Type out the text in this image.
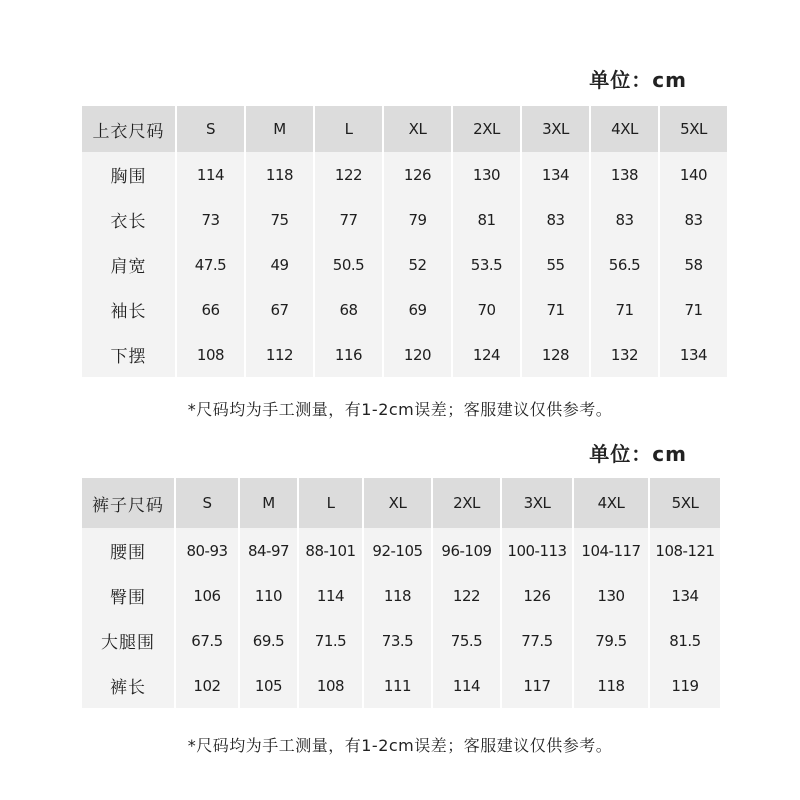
单位：cm
上衣尺码	S	M	L	XL	2XL	3XL	4XL	5XL
胸围	114	118	122	126	130	134	138	140
衣长	73	75	77	79	81	83	83	83
肩宽	47.5	49	50.5	52	53.5	55	56.5	58
袖长	66	67	68	69	70	71	71	71
下摆	108	112	116	120	124	128	132	134
*尺码均为手工测量，有1-2cm误差；客服建议仅供参考。
单位：cm
裤子尺码	S	M	L	XL	2XL	3XL	4XL	5XL
腰围	80-93	84-97	88-101	92-105	96-109	100-113	104-117	108-121
臀围	106	110	114	118	122	126	130	134
大腿围	67.5	69.5	71.5	73.5	75.5	77.5	79.5	81.5
裤长	102	105	108	111	114	117	118	119
*尺码均为手工测量，有1-2cm误差；客服建议仅供参考。
